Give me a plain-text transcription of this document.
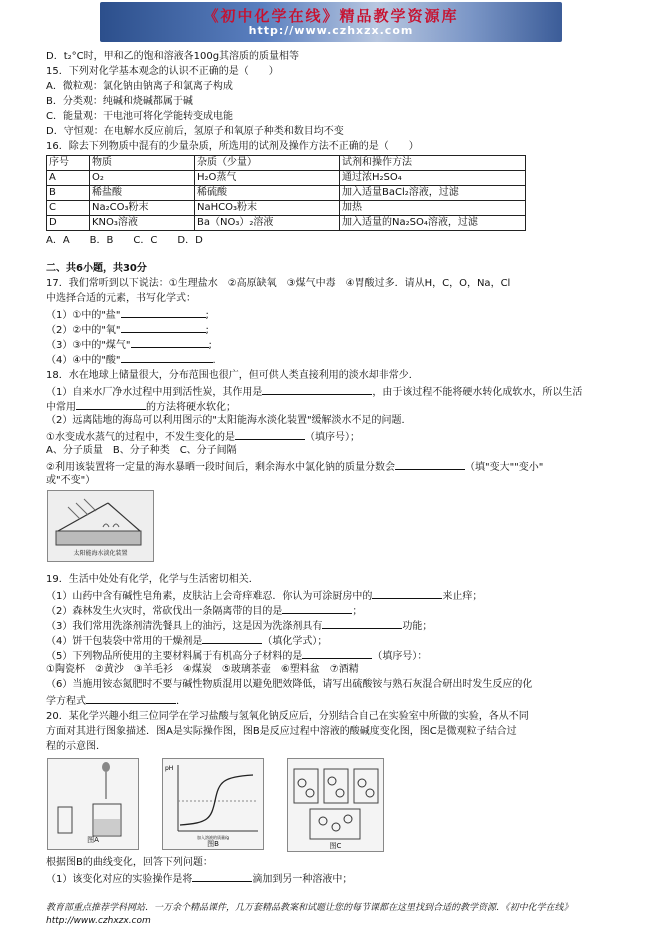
《初中化学在线》精品教学资源库
http://www.czhxzx.com
D．t₂°C时，甲和乙的饱和溶液各100g其溶质的质量相等
15．下列对化学基本观念的认识不正确的是（　　）
A．微粒观：氯化钠由钠离子和氯离子构成
B．分类观：纯碱和烧碱都属于碱
C．能量观：干电池可将化学能转变成电能
D．守恒观：在电解水反应前后，氢原子和氧原子种类和数目均不变
16．除去下列物质中混有的少量杂质，所选用的试剂及操作方法不正确的是（　　）
序号	物质	杂质（少量）	试剂和操作方法
A	O₂	H₂O蒸气	通过浓H₂SO₄
B	稀盐酸	稀硫酸	加入适量BaCl₂溶液，过滤
C	Na₂CO₃粉末	NaHCO₃粉末	加热
D	KNO₃溶液	Ba（NO₃）₂溶液	加入适量的Na₂SO₄溶液，过滤
A．A　　B．B　　C．C　　D．D
二、共6小题，共30分
17．我们常听到以下说法：①生理盐水　②高原缺氧　③煤气中毒　④胃酸过多．请从H，C，O，Na，Cl
中选择合适的元素，书写化学式：
（1）①中的"盐"	;
（2）②中的"氧"	;
（3）③中的"煤气"	;
（4）④中的"酸"	.
18．水在地球上储量很大，分布范围也很广，但可供人类直接利用的淡水却非常少．
（1）自来水厂净水过程中用到活性炭，其作用是	，由于该过程不能将硬水转化成软水，所以生活
中常用	的方法将硬水软化；
（2）远离陆地的海岛可以利用图示的"太阳能海水淡化装置"缓解淡水不足的问题．
①水变成水蒸气的过程中，不发生变化的是	（填序号）；
A、分子质量　B、分子种类　C、分子间隔
②利用该装置将一定量的海水暴晒一段时间后，剩余海水中氯化钠的质量分数会	（填"变大""变小"
或"不变"）
太阳能海水淡化装置
19．生活中处处有化学，化学与生活密切相关．
（1）山药中含有碱性皂角素，皮肤沾上会奇痒难忍．你认为可涂厨房中的	来止痒；
（2）森林发生火灾时，常砍伐出一条隔离带的目的是	；
（3）我们常用洗涤剂清洗餐具上的油污，这是因为洗涤剂具有	功能；
（4）饼干包装袋中常用的干燥剂是	（填化学式）；
（5）下列物品所使用的主要材料属于有机高分子材料的是	（填序号）：
①陶瓷杯　②黄沙　③羊毛衫　④煤炭　⑤玻璃茶壶　⑥塑料盆　⑦酒精
（6）当施用铵态氮肥时不要与碱性物质混用以避免肥效降低，请写出硫酸铵与熟石灰混合研出时发生反应的化
学方程式	．
20．某化学兴趣小组三位同学在学习盐酸与氢氧化钠反应后，分别结合自己在实验室中所做的实验，各从不同
方面对其进行图象描述．图A是实际操作图，图B是反应过程中溶液的酸碱度变化图，图C是微观粒子结合过
程的示意图．
图A
pH
加入溶液的质量/g
图B	图C
根据图B的曲线变化，回答下列问题：
（1）该变化对应的实验操作是将	滴加到另一种溶液中；
教育部重点推荐学科网站．一万余个精品课件，几万套精品教案和试题让您的每节课都在这里找到合适的教学资源．《初中化学在线》http://www.czhxzx.com
